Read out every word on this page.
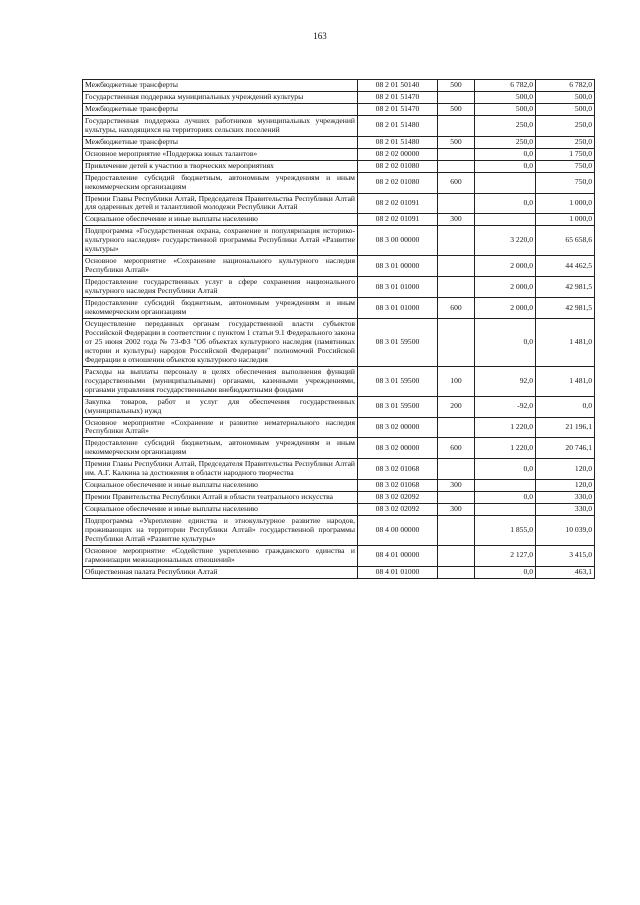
163
Межбюджетные трансферты	08 2 01 50140	500	6 782,0	6 782,0
Государственная поддержка муниципальных учреждений культуры	08 2 01 51470		500,0	500,0
Межбюджетные трансферты	08 2 01 51470	500	500,0	500,0
Государственная поддержка лучших работников муниципальных учреждений культуры, находящихся на территориях сельских поселений	08 2 01 51480		250,0	250,0
Межбюджетные трансферты	08 2 01 51480	500	250,0	250,0
Основное мероприятие «Поддержка юных талантов»	08 2 02 00000		0,0	1 750,0
Привлечение детей к участию в творческих мероприятиях	08 2 02 01080		0,0	750,0
Предоставление субсидий бюджетным, автономным учреждениям и иным некоммерческим организациям	08 2 02 01080	600		750,0
Премии Главы Республики Алтай, Председателя Правительства Республики Алтай для одаренных детей и талантливой молодежи Республики Алтай	08 2 02 01091		0,0	1 000,0
Социальное обеспечение и иные выплаты населению	08 2 02 01091	300		1 000,0
Подпрограмма «Государственная охрана, сохранение и популяризация историко-культурного наследия» государственной программы Республики Алтай «Развитие культуры»	08 3 00 00000		3 220,0	65 658,6
Основное мероприятие «Сохранение национального культурного наследия Республики Алтай»	08 3 01 00000		2 000,0	44 462,5
Предоставление государственных услуг в сфере сохранения национального культурного наследия Республики Алтай	08 3 01 01000		2 000,0	42 981,5
Предоставление субсидий бюджетным, автономным учреждениям и иным некоммерческим организациям	08 3 01 01000	600	2 000,0	42 981,5
Осуществление переданных органам государственной власти субъектов Российской Федерации в соответствии с пунктом 1 статьи 9.1 Федерального закона от 25 июня 2002 года № 73-ФЗ "Об объектах культурного наследия (памятниках истории и культуры) народов Российской Федерации" полномочий Российской Федерации в отношении объектов культурного наследия	08 3 01 59500		0,0	1 481,0
Расходы на выплаты персоналу в целях обеспечения выполнения функций государственными (муниципальными) органами, казенными учреждениями, органами управления государственными внебюджетными фондами	08 3 01 59500	100	92,0	1 481,0
Закупка товаров, работ и услуг для обеспечения государственных (муниципальных) нужд	08 3 01 59500	200	-92,0	0,0
Основное мероприятие «Сохранение и развитие нематериального наследия Республики Алтай»	08 3 02 00000		1 220,0	21 196,1
Предоставление субсидий бюджетным, автономным учреждениям и иным некоммерческим организациям	08 3 02 00000	600	1 220,0	20 746,1
Премии Главы Республики Алтай, Председателя Правительства Республики Алтай им. А.Г. Калкина за достижения в области народного творчества	08 3 02 01068		0,0	120,0
Социальное обеспечение и иные выплаты населению	08 3 02 01068	300		120,0
Премии Правительства Республики Алтай в области театрального искусства	08 3 02 02092		0,0	330,0
Социальное обеспечение и иные выплаты населению	08 3 02 02092	300		330,0
Подпрограмма «Укрепление единства и этнокультурное развитие народов, проживающих на территории Республики Алтай» государственной программы Республики Алтай «Развитие культуры»	08 4 00 00000		1 855,0	10 039,0
Основное мероприятие «Содействие укреплению гражданского единства и гармонизации межнациональных отношений»	08 4 01 00000		2 127,0	3 415,0
Общественная палата Республики Алтай	08 4 01 01000		0,0	463,1
